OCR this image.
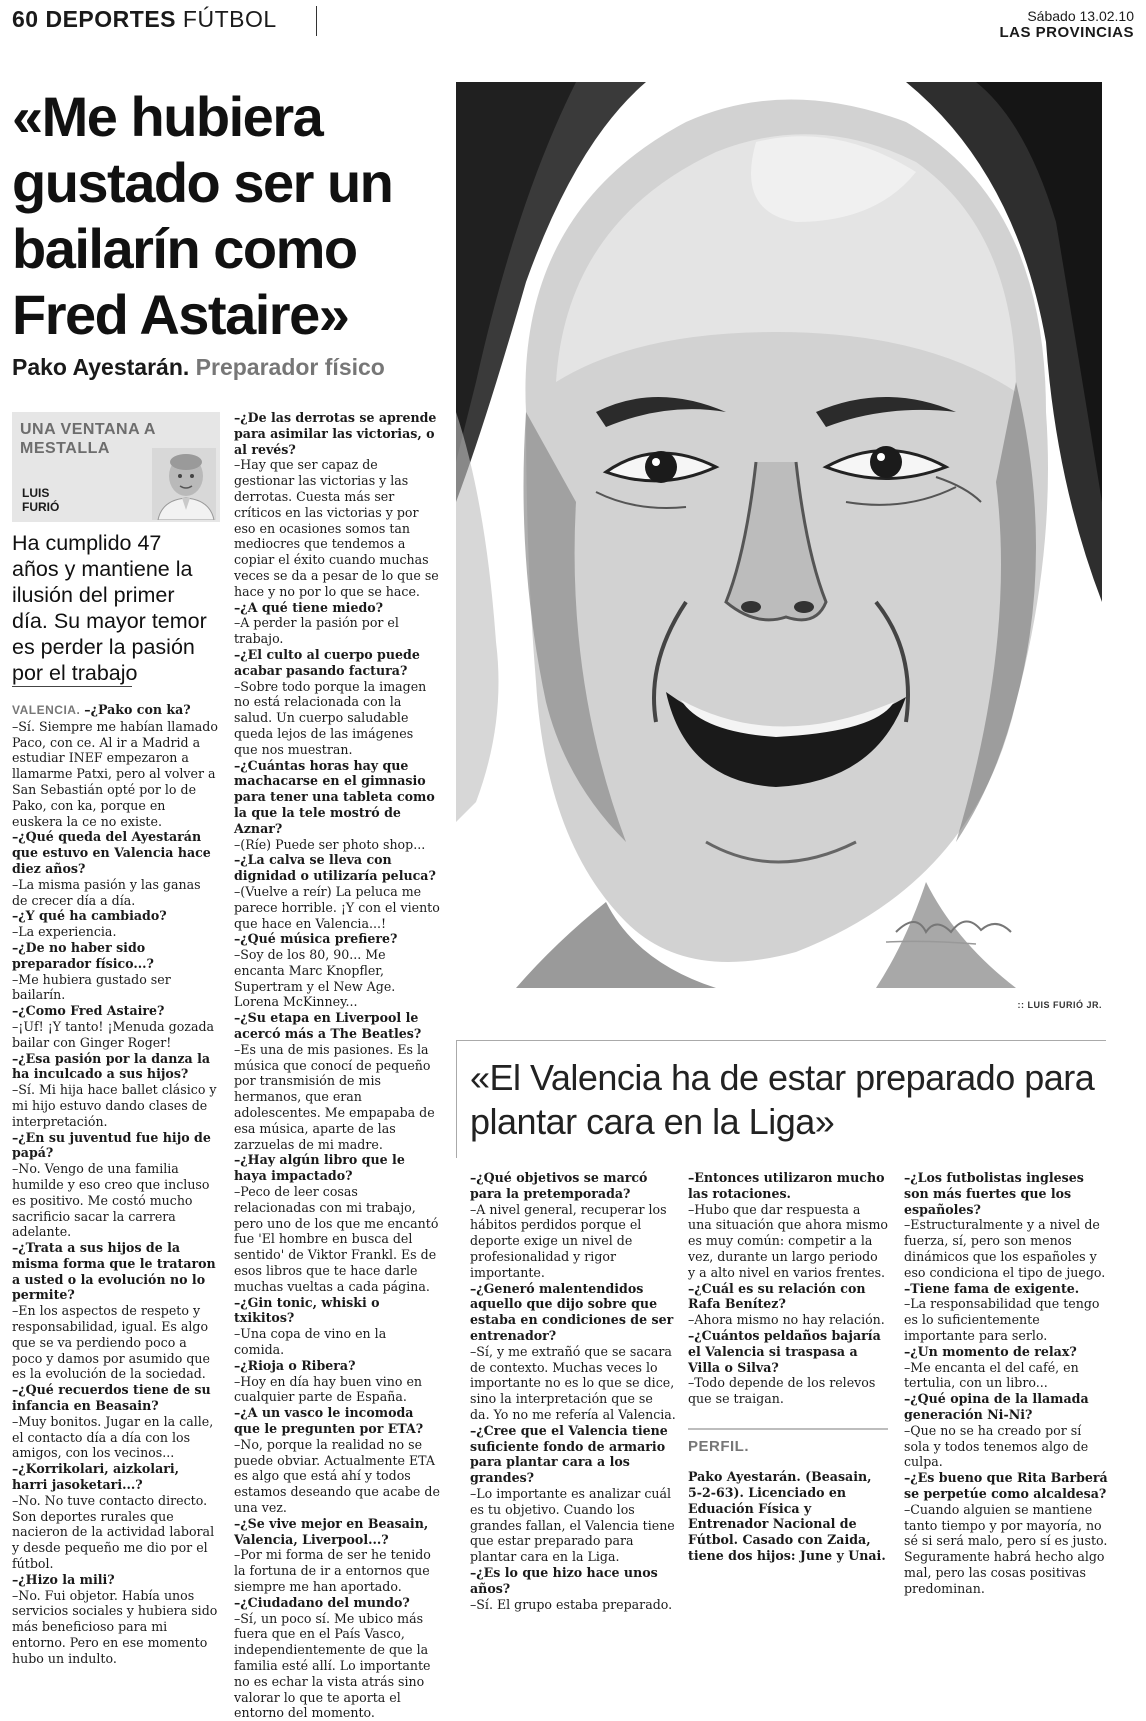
60 DEPORTES FÚTBOL	Sábado 13.02.10
LAS PROVINCIAS
«Me hubiera gustado ser un bailarín como Fred Astaire»
Pako Ayestarán. Preparador físico
UNA VENTANA A MESTALLA
LUIS FURIÓ
Ha cumplido 47 años y mantiene la ilusión del primer día. Su mayor temor es perder la pasión por el trabajo

VALENCIA. –¿Pako con ka?

–Sí. Siempre me habían llamado Paco, con ce. Al ir a Madrid a estudiar INEF empezaron a llamarme Patxi, pero al volver a San Sebastián opté por lo de Pako, con ka, porque en euskera la ce no existe.

–¿Qué queda del Ayestarán que estuvo en Valencia hace diez años?

–La misma pasión y las ganas de crecer día a día.

–¿Y qué ha cambiado?

–La experiencia.

–¿De no haber sido preparador físico...?

–Me hubiera gustado ser bailarín.

–¿Como Fred Astaire?

–¡Uf! ¡Y tanto! ¡Menuda gozada bailar con Ginger Roger!

–¿Esa pasión por la danza la ha inculcado a sus hijos?

–Sí. Mi hija hace ballet clásico y mi hijo estuvo dando clases de interpretación.

–¿En su juventud fue hijo de papá?

–No. Vengo de una familia humilde y eso creo que incluso es positivo. Me costó mucho sacrificio sacar la carrera adelante.

–¿Trata a sus hijos de la misma forma que le trataron a usted o la evolución no lo permite?

–En los aspectos de respeto y responsabilidad, igual. Es algo que se va perdiendo poco a poco y damos por asumido que es la evolución de la sociedad.

–¿Qué recuerdos tiene de su infancia en Beasain?

–Muy bonitos. Jugar en la calle, el contacto día a día con los amigos, con los vecinos...

–¿Korrikolari, aizkolari, harri jasoketari...?

–No. No tuve contacto directo. Son deportes rurales que nacieron de la actividad laboral y desde pequeño me dio por el fútbol.

–¿Hizo la mili?

–No. Fui objetor. Había unos servicios sociales y hubiera sido más beneficioso para mi entorno. Pero en ese momento hubo un indulto.

–¿De las derrotas se aprende para asimilar las victorias, o al revés?

–Hay que ser capaz de gestionar las victorias y las derrotas. Cuesta más ser críticos en las victorias y por eso en ocasiones somos tan mediocres que tendemos a copiar el éxito cuando muchas veces se da a pesar de lo que se hace y no por lo que se hace.

–¿A qué tiene miedo?

–A perder la pasión por el trabajo.

–¿El culto al cuerpo puede acabar pasando factura?

–Sobre todo porque la imagen no está relacionada con la salud. Un cuerpo saludable queda lejos de las imágenes que nos muestran.

–¿Cuántas horas hay que machacarse en el gimnasio para tener una tableta como la que la tele mostró de Aznar?

–(Ríe) Puede ser photo shop...

–¿La calva se lleva con dignidad o utilizaría peluca?

–(Vuelve a reír) La peluca me parece horrible. ¡Y con el viento que hace en Valencia...!

–¿Qué música prefiere?

–Soy de los 80, 90... Me encanta Marc Knopfler, Supertram y el New Age. Lorena McKinney...

–¿Su etapa en Liverpool le acercó más a The Beatles?

–Es una de mis pasiones. Es la música que conocí de pequeño por transmisión de mis hermanos, que eran adolescentes. Me empapaba de esa música, aparte de las zarzuelas de mi madre.

–¿Hay algún libro que le haya impactado?

–Peco de leer cosas relacionadas con mi trabajo, pero uno de los que me encantó fue 'El hombre en busca del sentido' de Viktor Frankl. Es de esos libros que te hace darle muchas vueltas a cada página.

–¿Gin tonic, whiski o txikitos?

–Una copa de vino en la comida.

–¿Rioja o Ribera?

–Hoy en día hay buen vino en cualquier parte de España.

–¿A un vasco le incomoda que le pregunten por ETA?

–No, porque la realidad no se puede obviar. Actualmente ETA es algo que está ahí y todos estamos deseando que acabe de una vez.

–¿Se vive mejor en Beasain, Valencia, Liverpool...?

–Por mi forma de ser he tenido la fortuna de ir a entornos que siempre me han aportado.

–¿Ciudadano del mundo?

–Sí, un poco sí. Me ubico más fuera que en el País Vasco, independientemente de que la familia esté allí. Lo importante no es echar la vista atrás sino valorar lo que te aporta el entorno del momento.

:: LUIS FURIÓ JR.
«El Valencia ha de estar preparado para plantar cara en la Liga»

–¿Qué objetivos se marcó para la pretemporada?

–A nivel general, recuperar los hábitos perdidos porque el deporte exige un nivel de profesionalidad y rigor importante.

–¿Generó malentendidos aquello que dijo sobre que estaba en condiciones de ser entrenador?

–Sí, y me extrañó que se sacara de contexto. Muchas veces lo importante no es lo que se dice, sino la interpretación que se da. Yo no me refería al Valencia.

–¿Cree que el Valencia tiene suficiente fondo de armario para plantar cara a los grandes?

–Lo importante es analizar cuál es tu objetivo. Cuando los grandes fallan, el Valencia tiene que estar preparado para plantar cara en la Liga.

–¿Es lo que hizo hace unos años?

–Sí. El grupo estaba preparado.

–Entonces utilizaron mucho las rotaciones.

–Hubo que dar respuesta a una situación que ahora mismo es muy común: competir a la vez, durante un largo periodo y a alto nivel en varios frentes.

–¿Cuál es su relación con Rafa Benítez?

–Ahora mismo no hay relación.

–¿Cuántos peldaños bajaría el Valencia si traspasa a Villa o Silva?

–Todo depende de los relevos que se traigan.

PERFIL.
Pako Ayestarán. (Beasain, 5-2-63). Licenciado en Eduación Física y Entrenador Nacional de Fútbol. Casado con Zaida, tiene dos hijos: June y Unai.

–¿Los futbolistas ingleses son más fuertes que los españoles?

–Estructuralmente y a nivel de fuerza, sí, pero son menos dinámicos que los españoles y eso condiciona el tipo de juego.

–Tiene fama de exigente.

–La responsabilidad que tengo es lo suficientemente importante para serlo.

–¿Un momento de relax?

–Me encanta el del café, en tertulia, con un libro...

–¿Qué opina de la llamada generación Ni-Ni?

–Que no se ha creado por sí sola y todos tenemos algo de culpa.

–¿Es bueno que Rita Barberá se perpetúe como alcaldesa?

–Cuando alguien se mantiene tanto tiempo y por mayoría, no sé si será malo, pero sí es justo. Seguramente habrá hecho algo mal, pero las cosas positivas predominan.
